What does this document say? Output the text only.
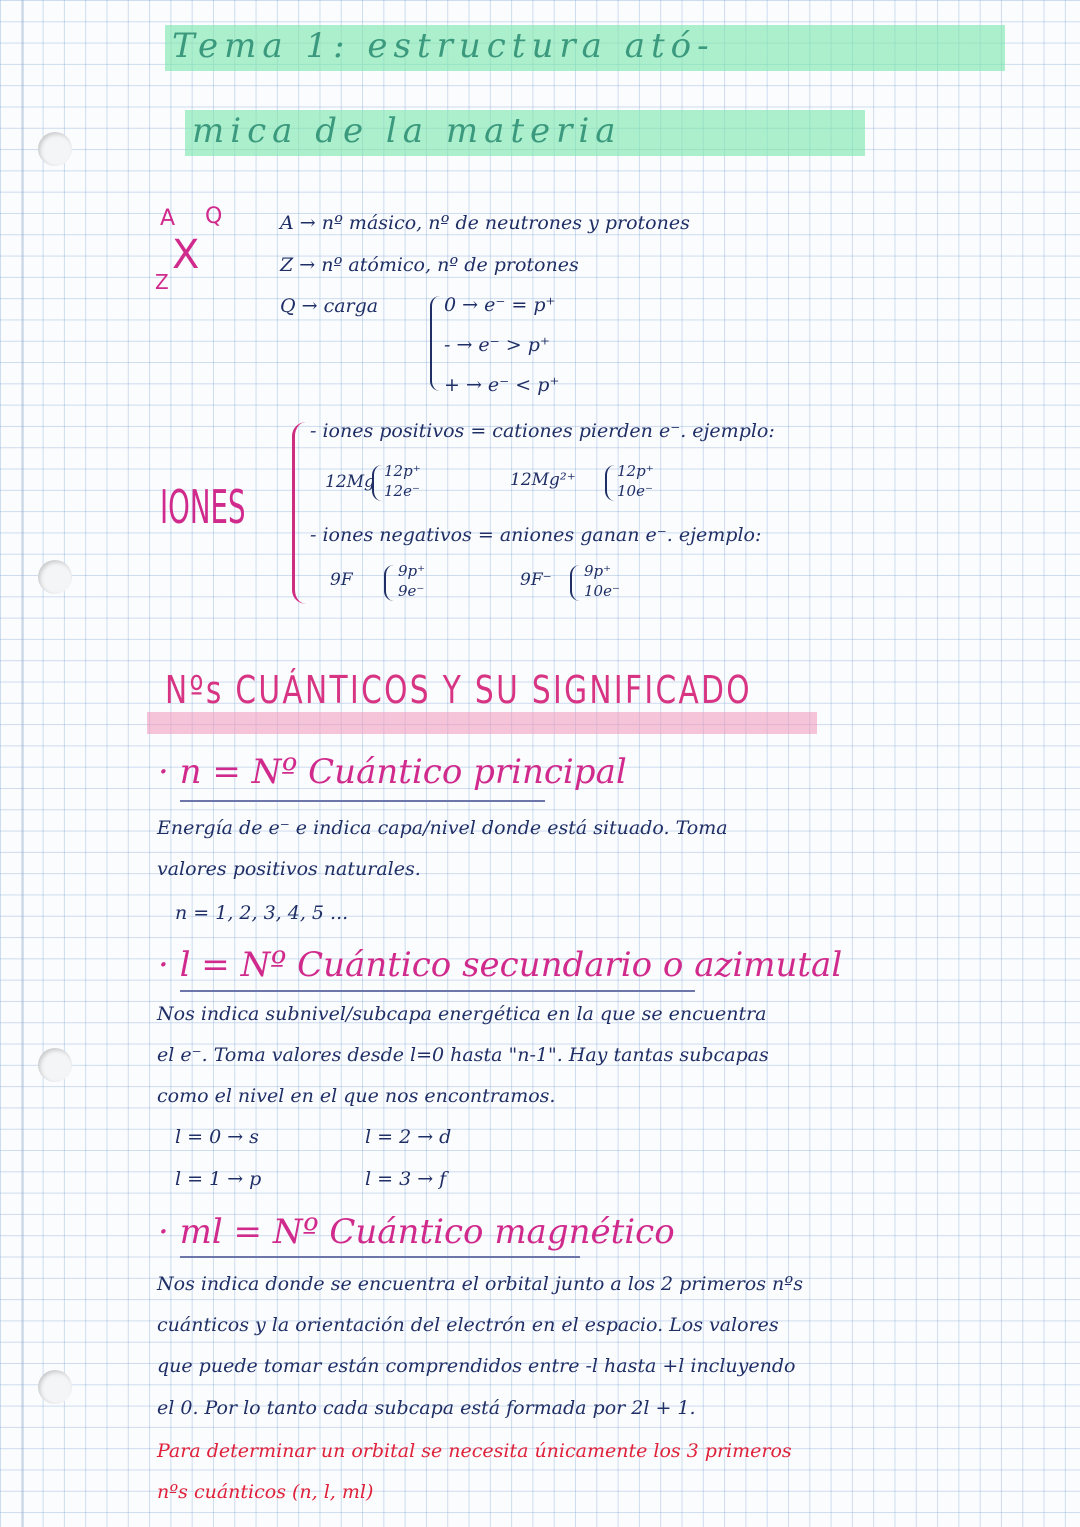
Tema 1: estructura ató-
mica de la materia
A Q
X
Z
A → nº másico, nº de neutrones y protones
Z → nº atómico, nº de protones
Q → carga	0 → e⁻ = p⁺
- → e⁻ > p⁺
+ → e⁻ < p⁺
IONES
- iones positivos = cationes pierden e⁻. ejemplo:
12Mg
12p⁺
12e⁻
12Mg²⁺	12p⁺
10e⁻
- iones negativos = aniones ganan e⁻. ejemplo:
9F	9p⁺
9e⁻
9F⁻ 9p⁺
10e⁻
Nºs CUÁNTICOS Y SU SIGNIFICADO
· n = Nº Cuántico principal
Energía de e⁻ e indica capa/nivel donde está situado. Toma
valores positivos naturales.
n = 1, 2, 3, 4, 5 ...
· l = Nº Cuántico secundario o azimutal
Nos indica subnivel/subcapa energética en la que se encuentra
el e⁻. Toma valores desde l=0 hasta "n-1". Hay tantas subcapas
como el nivel en el que nos encontramos.
l = 0 → s	l = 2 → d
l = 1 → p	l = 3 → f
· ml = Nº Cuántico magnético
Nos indica donde se encuentra el orbital junto a los 2 primeros nºs
cuánticos y la orientación del electrón en el espacio. Los valores
que puede tomar están comprendidos entre -l hasta +l incluyendo
el 0. Por lo tanto cada subcapa está formada por 2l + 1.
Para determinar un orbital se necesita únicamente los 3 primeros
nºs cuánticos (n, l, ml)
